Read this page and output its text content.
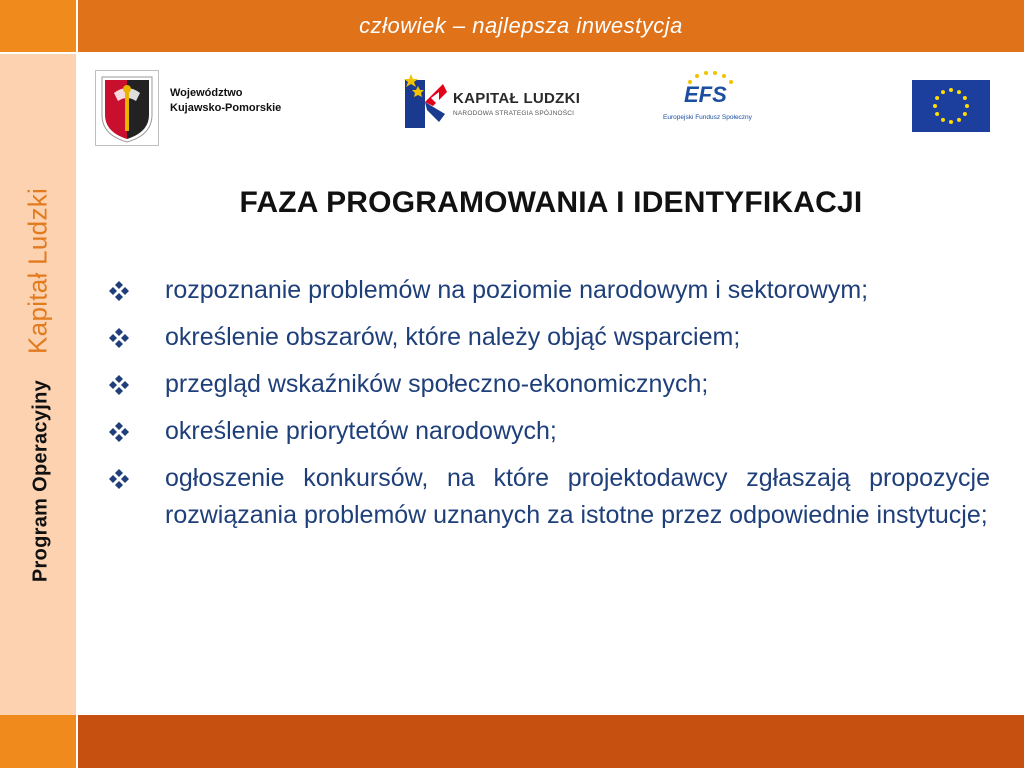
człowiek – najlepsza inwestycja
Program Operacyjny
Kapitał Ludzki
Województwo
Kujawsko-Pomorskie
KAPITAŁ LUDZKI
NARODOWA STRATEGIA SPÓJNOŚCI
EFS
Europejski Fundusz Społeczny
FAZA PROGRAMOWANIA I IDENTYFIKACJI
rozpoznanie problemów na poziomie narodowym i sektorowym;
określenie obszarów, które należy objąć wsparciem;
przegląd wskaźników społeczno-ekonomicznych;
określenie priorytetów narodowych;
ogłoszenie konkursów, na które projektodawcy zgłaszają propozycje rozwiązania problemów uznanych za istotne przez odpowiednie instytucje;
